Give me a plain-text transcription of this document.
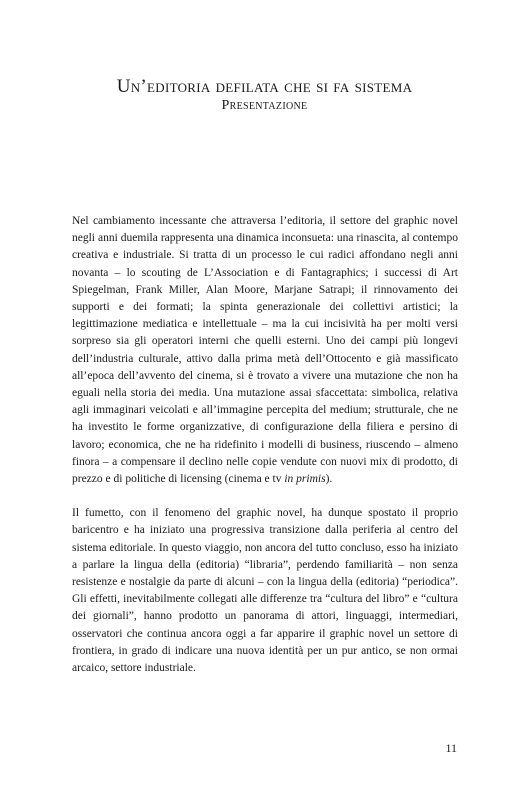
Un’editoria defilata che si fa sistema
Presentazione

Nel cambiamento incessante che attraversa l’editoria, il settore del graphic novel negli anni duemila rappresenta una dinamica inconsueta: una rinascita, al contempo creativa e industriale. Si tratta di un processo le cui radici affondano negli anni novanta – lo scouting de L’Association e di Fantagraphics; i successi di Art Spiegelman, Frank Miller, Alan Moore, Marjane Satrapi; il rinnovamento dei supporti e dei formati; la spinta generazionale dei collettivi artistici; la legittimazione mediatica e intellettuale – ma la cui incisività ha per molti versi sorpreso sia gli operatori interni che quelli esterni. Uno dei campi più longevi dell’industria culturale, attivo dalla prima metà dell’Ottocento e già massificato all’epoca dell’avvento del cinema, si è trovato a vivere una mutazione che non ha eguali nella storia dei media. Una mutazione assai sfaccettata: simbolica, relativa agli immaginari veicolati e all’immagine percepita del medium; strutturale, che ne ha investito le forme organizzative, di configurazione della filiera e persino di lavoro; economica, che ne ha ridefinito i modelli di business, riuscendo – almeno finora – a compensare il declino nelle copie vendute con nuovi mix di prodotto, di prezzo e di politiche di licensing (cinema e tv in primis).

Il fumetto, con il fenomeno del graphic novel, ha dunque spostato il proprio baricentro e ha iniziato una progressiva transizione dalla periferia al centro del sistema editoriale. In questo viaggio, non ancora del tutto concluso, esso ha iniziato a parlare la lingua della (editoria) “libraria”, perdendo familiarità – non senza resistenze e nostalgie da parte di alcuni – con la lingua della (editoria) “periodica”. Gli effetti, inevitabilmente collegati alle differenze tra “cultura del libro” e “cultura dei giornali”, hanno prodotto un panorama di attori, linguaggi, intermediari, osservatori che continua ancora oggi a far apparire il graphic novel un settore di frontiera, in grado di indicare una nuova identità per un pur antico, se non ormai arcaico, settore industriale.

11
